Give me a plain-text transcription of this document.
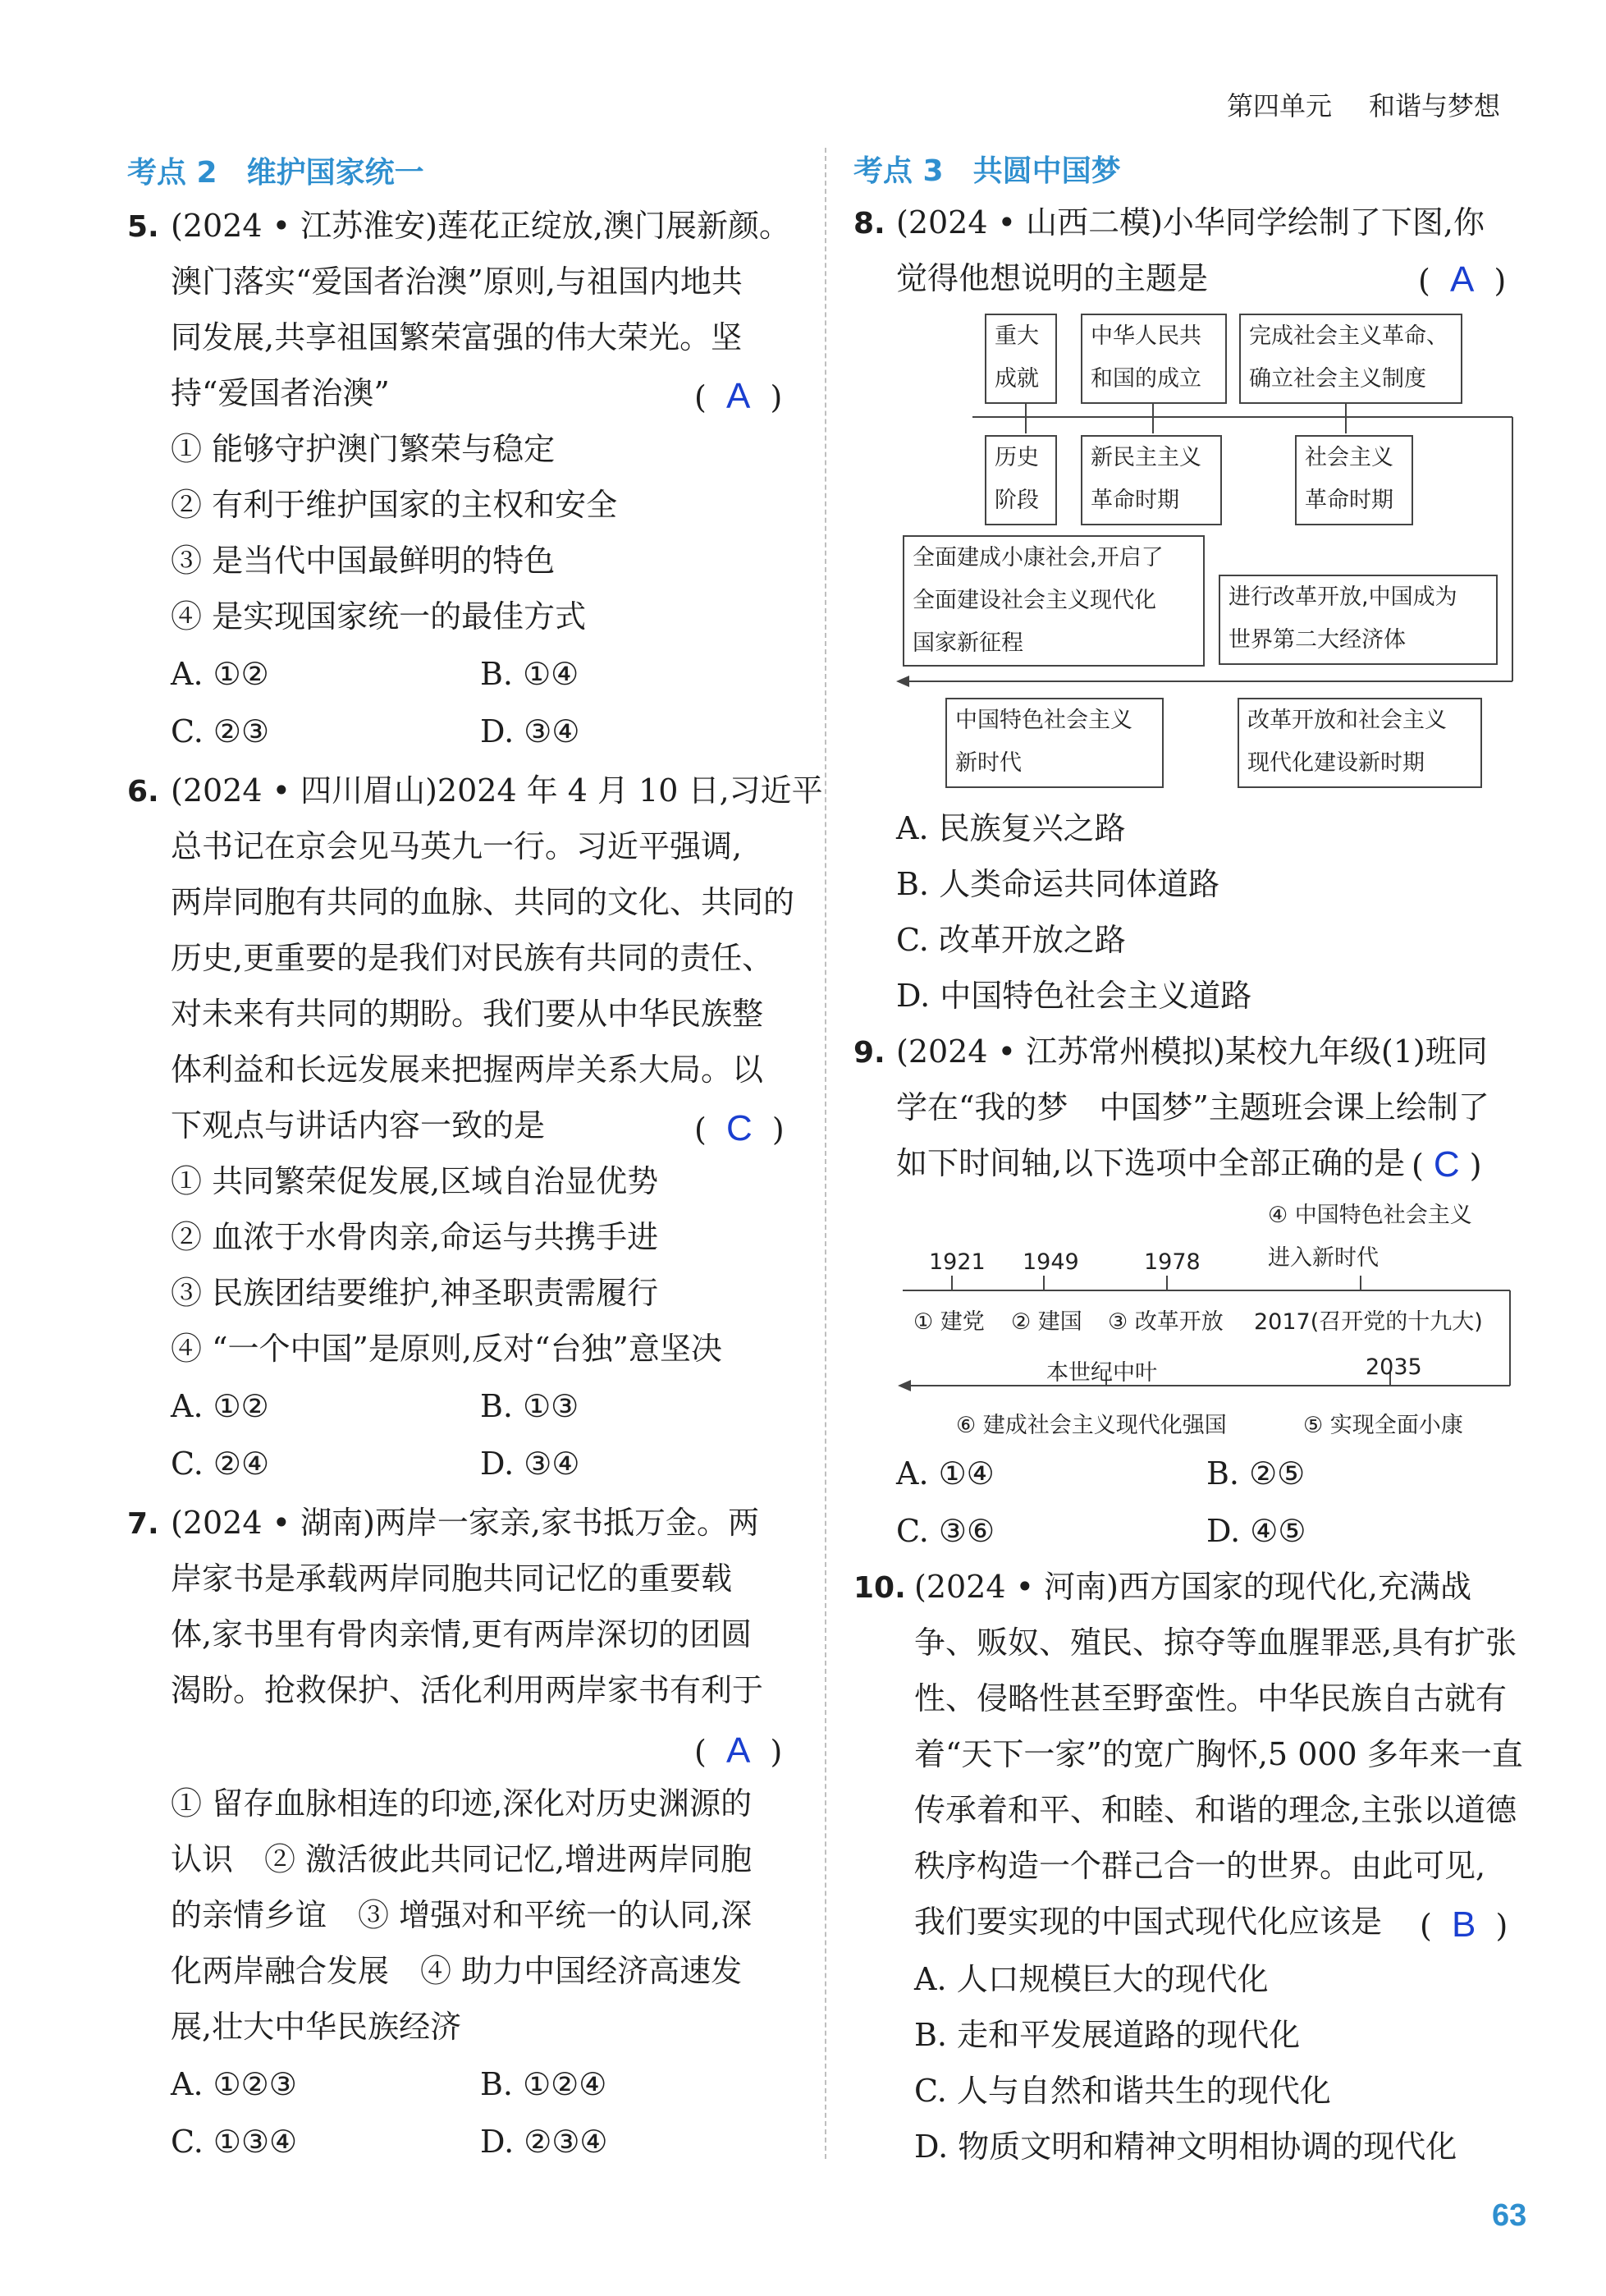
第四单元 和谐与梦想
考点 2　维护国家统一
5. (2024 • 江苏淮安)莲花正绽放,澳门展新颜。
澳门落实“爱国者治澳”原则,与祖国内地共
同发展,共享祖国繁荣富强的伟大荣光。坚
持“爱国者治澳”	(  A  )
① 能够守护澳门繁荣与稳定
② 有利于维护国家的主权和安全
③ 是当代中国最鲜明的特色
④ 是实现国家统一的最佳方式
A. ①②	B. ①④
C. ②③	D. ③④
6. (2024 • 四川眉山)2024 年 4 月 10 日,习近平
总书记在京会见马英九一行。习近平强调,
两岸同胞有共同的血脉、共同的文化、共同的
历史,更重要的是我们对民族有共同的责任、
对未来有共同的期盼。我们要从中华民族整
体利益和长远发展来把握两岸关系大局。以
下观点与讲话内容一致的是	(  C  )
① 共同繁荣促发展,区域自治显优势
② 血浓于水骨肉亲,命运与共携手进
③ 民族团结要维护,神圣职责需履行
④ “一个中国”是原则,反对“台独”意坚决
A. ①②	B. ①③
C. ②④	D. ③④
7. (2024 • 湖南)两岸一家亲,家书抵万金。两
岸家书是承载两岸同胞共同记忆的重要载
体,家书里有骨肉亲情,更有两岸深切的团圆
渴盼。抢救保护、活化利用两岸家书有利于
(  A  )
① 留存血脉相连的印迹,深化对历史渊源的
认识　② 激活彼此共同记忆,增进两岸同胞
的亲情乡谊　③ 增强对和平统一的认同,深
化两岸融合发展　④ 助力中国经济高速发
展,壮大中华民族经济
A. ①②③	B. ①②④
C. ①③④	D. ②③④
考点 3　共圆中国梦
8. (2024 • 山西二模)小华同学绘制了下图,你
觉得他想说明的主题是	(  A  )
重大
成就
中华人民共
和国的成立
完成社会主义革命、
确立社会主义制度
历史
阶段
新民主主义
革命时期
社会主义
革命时期
全面建成小康社会,开启了
全面建设社会主义现代化
国家新征程
进行改革开放,中国成为
世界第二大经济体
中国特色社会主义
新时代
改革开放和社会主义
现代化建设新时期
A. 民族复兴之路
B. 人类命运共同体道路
C. 改革开放之路
D. 中国特色社会主义道路
9. (2024 • 江苏常州模拟)某校九年级(1)班同
学在“我的梦　中国梦”主题班会课上绘制了
如下时间轴,以下选项中全部正确的是 ( C )
④ 中国特色社会主义
进入新时代
1921 1949	1978
① 建党 ② 建国 ③ 改革开放 2017(召开党的十九大)
本世纪中叶	2035
⑥ 建成社会主义现代化强国	⑤ 实现全面小康
A. ①④	B. ②⑤
C. ③⑥	D. ④⑤
10. (2024 • 河南)西方国家的现代化,充满战
争、贩奴、殖民、掠夺等血腥罪恶,具有扩张
性、侵略性甚至野蛮性。中华民族自古就有
着“天下一家”的宽广胸怀,5 000 多年来一直
传承着和平、和睦、和谐的理念,主张以道德
秩序构造一个群己合一的世界。由此可见,
我们要实现的中国式现代化应该是 (  B  )
A. 人口规模巨大的现代化
B. 走和平发展道路的现代化
C. 人与自然和谐共生的现代化
D. 物质文明和精神文明相协调的现代化
63
